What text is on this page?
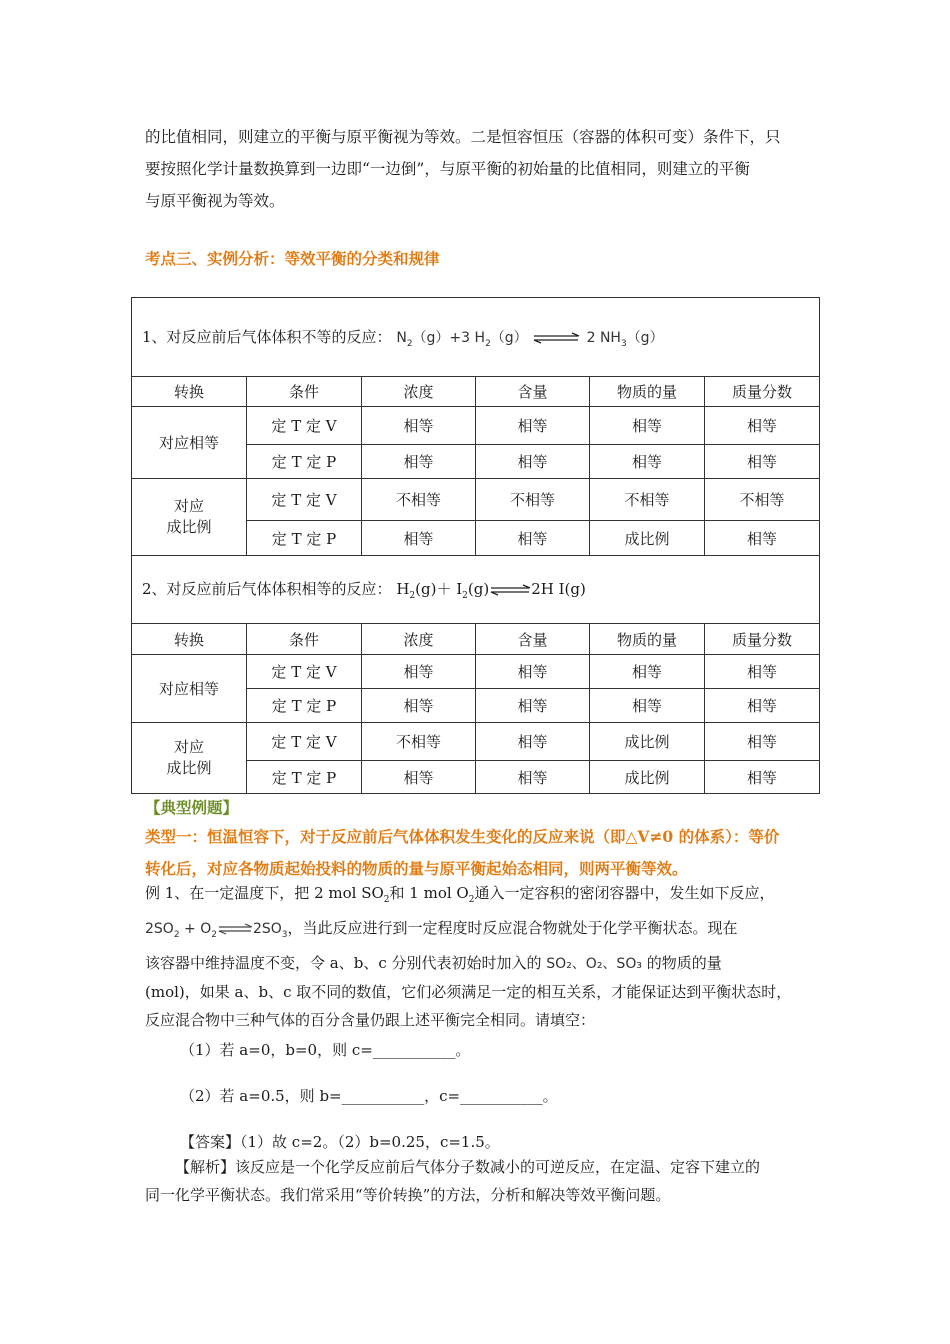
的比值相同，则建立的平衡与原平衡视为等效。二是恒容恒压（容器的体积可变）条件下，只
要按照化学计量数换算到一边即“一边倒”，与原平衡的初始量的比值相同，则建立的平衡
与原平衡视为等效。
考点三、实例分析：等效平衡的分类和规律
1、对反应前后气体体积不等的反应： $N_2(g)+3$ $H_2(g)$ ⇌ 2 $NH_3(g)$					
转换	条件	浓度	含量	物质的量	质量分数
对应相等	定 T 定 V	相等	相等	相等	相等
	定 T 定 P	相等	相等	相等	相等
对应
成比例	定 T 定 V	不相等	不相等	不相等	不相等
	定 T 定 P	相等	相等	成比例	相等
2、对反应前后气体体积相等的反应： $H_2(g)+$ $I_2(g)\rightleftharpoons 2H$ I(g)					
转换	条件	浓度	含量	物质的量	质量分数
对应相等	定 T 定 V	相等	相等	相等	相等
	定 T 定 P	相等	相等	相等	相等
对应
成比例	定 T 定 V	不相等	相等	成比例	相等
	定 T 定 P	相等	相等	成比例	相等
【典型例题】
类型一：恒温恒容下，对于反应前后气体体积发生变化的反应来说（即△V≠0 的体系）：等价
转化后，对应各物质起始投料的物质的量与原平衡起始态相同，则两平衡等效。
例 1、在一定温度下，把 2 mol $SO_2$和 1 mol $O_2$通入一定容积的密闭容器中，发生如下反应，
$2SO_2$ + $O_2\rightleftharpoons 2SO_3$，当此反应进行到一定程度时反应混合物就处于化学平衡状态。现在
该容器中维持温度不变，令 a、b、c 分别代表初始时加入的 SO₂、O₂、SO₃ 的物质的量
(mol)，如果 a、b、c 取不同的数值，它们必须满足一定的相互关系，才能保证达到平衡状态时，
反应混合物中三种气体的百分含量仍跟上述平衡完全相同。请填空：
（1）若 a=0，b=0，则 c=___________。
（2）若 a=0.5，则 b=___________，c=___________。
【答案】（1）故 c=2。（2）b=0.25，c=1.5。
【解析】该反应是一个化学反应前后气体分子数减小的可逆反应，在定温、定容下建立的
同一化学平衡状态。我们常采用“等价转换”的方法，分析和解决等效平衡问题。
